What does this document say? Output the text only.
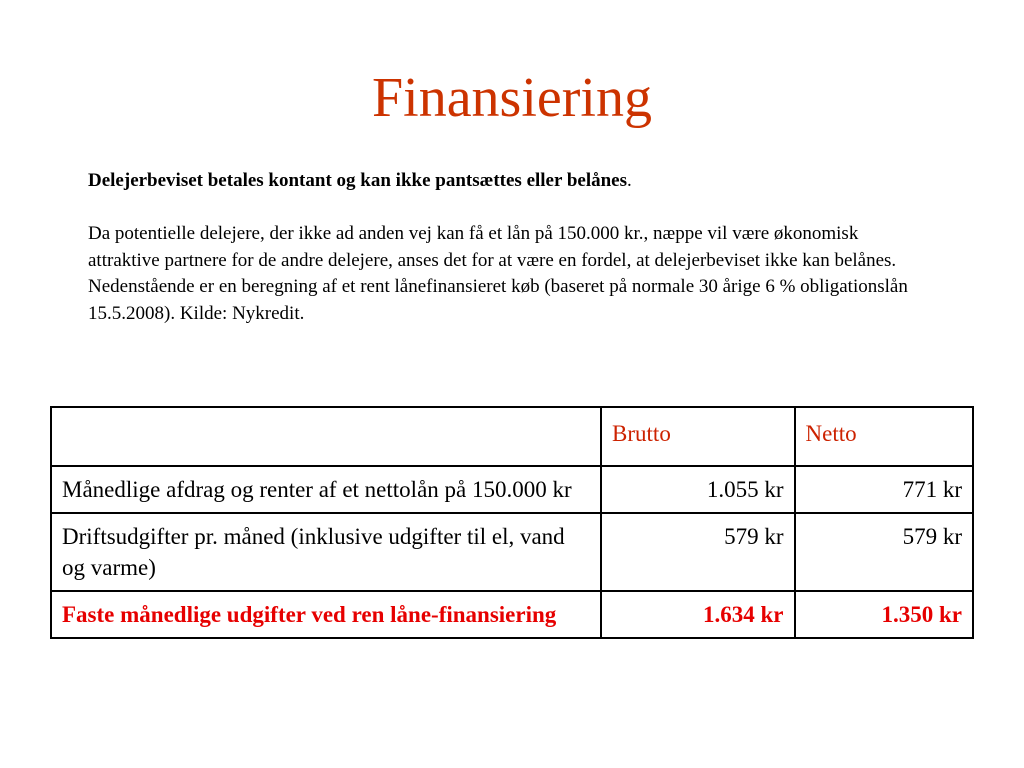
Finansiering

Delejerbeviset betales kontant og kan ikke pantsættes eller belånes.

Da potentielle delejere, der ikke ad anden vej kan få et lån på 150.000 kr., næppe vil være økonomisk attraktive partnere for de andre delejere, anses det for at være en fordel, at delejerbeviset ikke kan belånes.

Nedenstående er en beregning af et rent lånefinansieret køb (baseret på normale 30 årige 6 % obligationslån 15.5.2008). Kilde: Nykredit.

	Brutto	Netto
Månedlige afdrag og renter af et nettolån på 150.000 kr	1.055 kr	771 kr
Driftsudgifter pr. måned (inklusive udgifter til el, vand og varme)	579 kr	579 kr
Faste månedlige udgifter ved ren låne-finansiering	1.634 kr	1.350 kr
